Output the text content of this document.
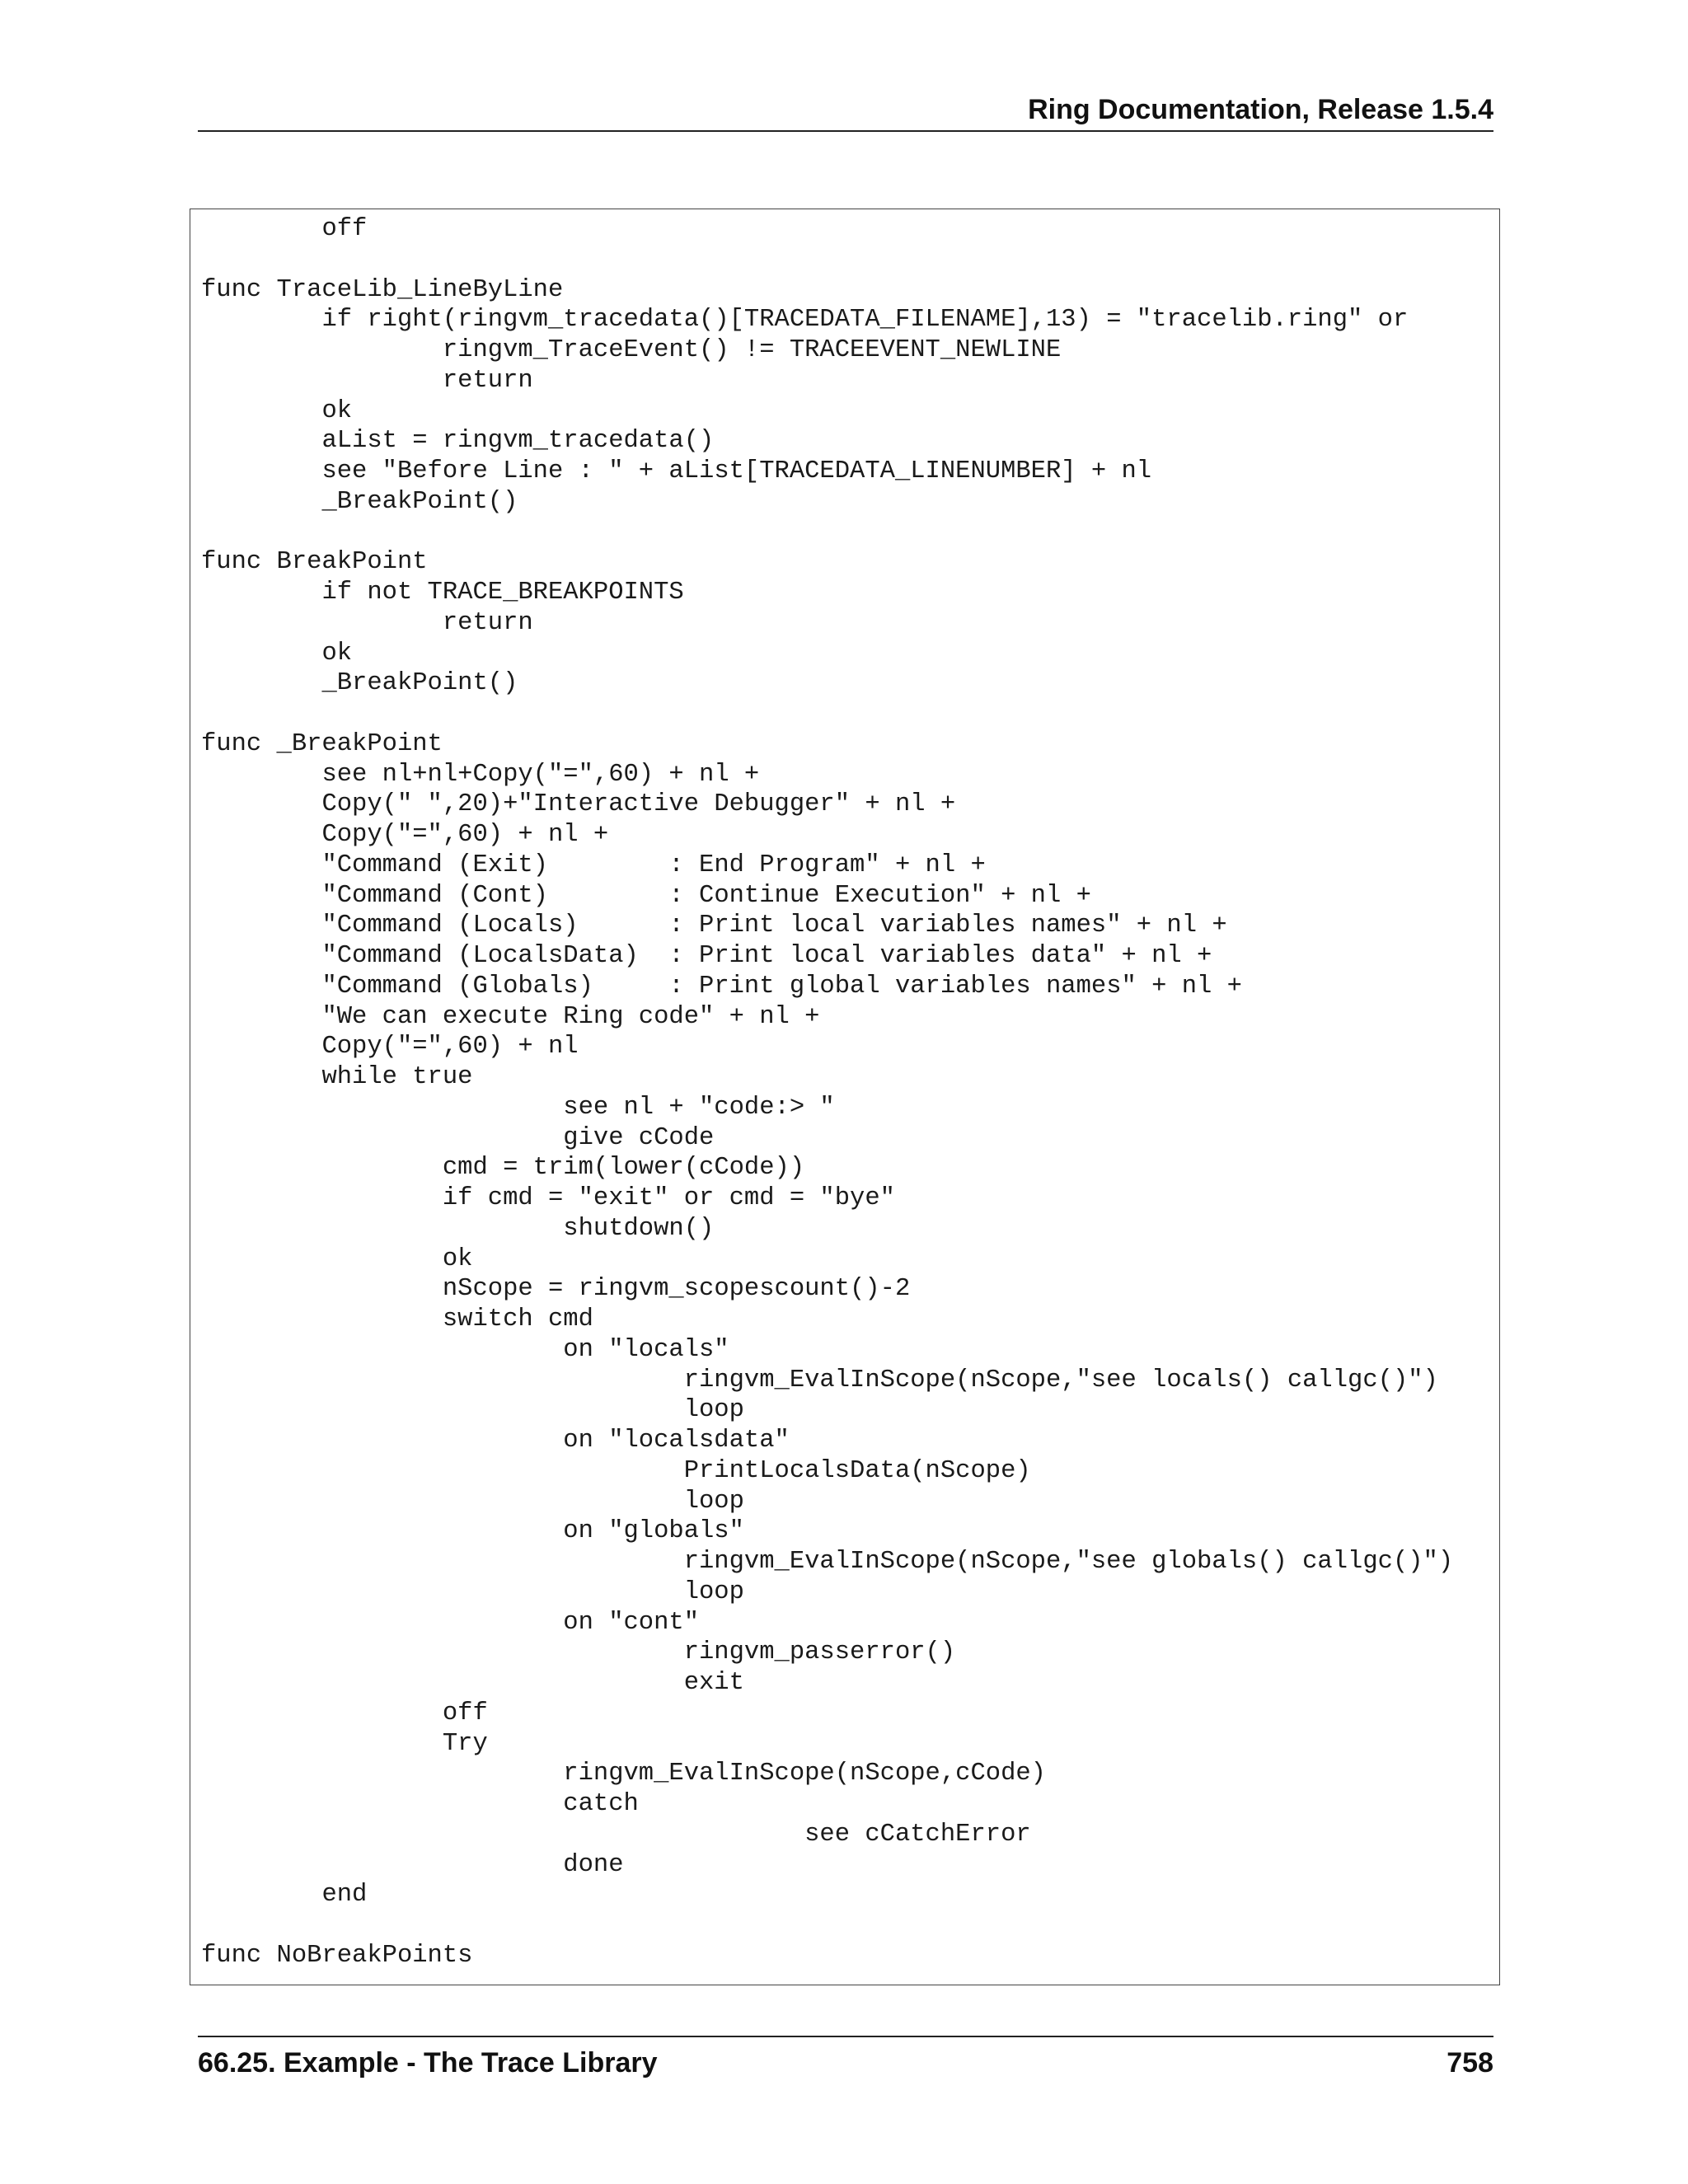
Ring Documentation, Release 1.5.4
	off
func TraceLib_LineByLine
	if right(ringvm_tracedata()[TRACEDATA_FILENAME],13) = "tracelib.ring" or
		ringvm_TraceEvent() != TRACEEVENT_NEWLINE
		return
	ok
	aList = ringvm_tracedata()
	see "Before Line : " + aList[TRACEDATA_LINENUMBER] + nl
	_BreakPoint()
func BreakPoint
	if not TRACE_BREAKPOINTS
		return
	ok
	_BreakPoint()
func _BreakPoint
	see nl+nl+Copy("=",60) + nl +
	Copy(" ",20)+"Interactive Debugger" + nl +
	Copy("=",60) + nl +
	"Command (Exit)        : End Program" + nl +
	"Command (Cont)        : Continue Execution" + nl +
	"Command (Locals)      : Print local variables names" + nl +
	"Command (LocalsData)  : Print local variables data" + nl +
	"Command (Globals)     : Print global variables names" + nl +
	"We can execute Ring code" + nl +
	Copy("=",60) + nl
	while true
			see nl + "code:> "
			give cCode
		cmd = trim(lower(cCode))
		if cmd = "exit" or cmd = "bye"
			shutdown()
		ok
		nScope = ringvm_scopescount()-2
		switch cmd
			on "locals"
				ringvm_EvalInScope(nScope,"see locals() callgc()")
				loop
			on "localsdata"
				PrintLocalsData(nScope)
				loop
			on "globals"
				ringvm_EvalInScope(nScope,"see globals() callgc()")
				loop
			on "cont"
				ringvm_passerror()
				exit
		off
		Try
			ringvm_EvalInScope(nScope,cCode)
			catch
					see cCatchError
			done
	end
func NoBreakPoints
66.25. Example - The Trace Library	758
